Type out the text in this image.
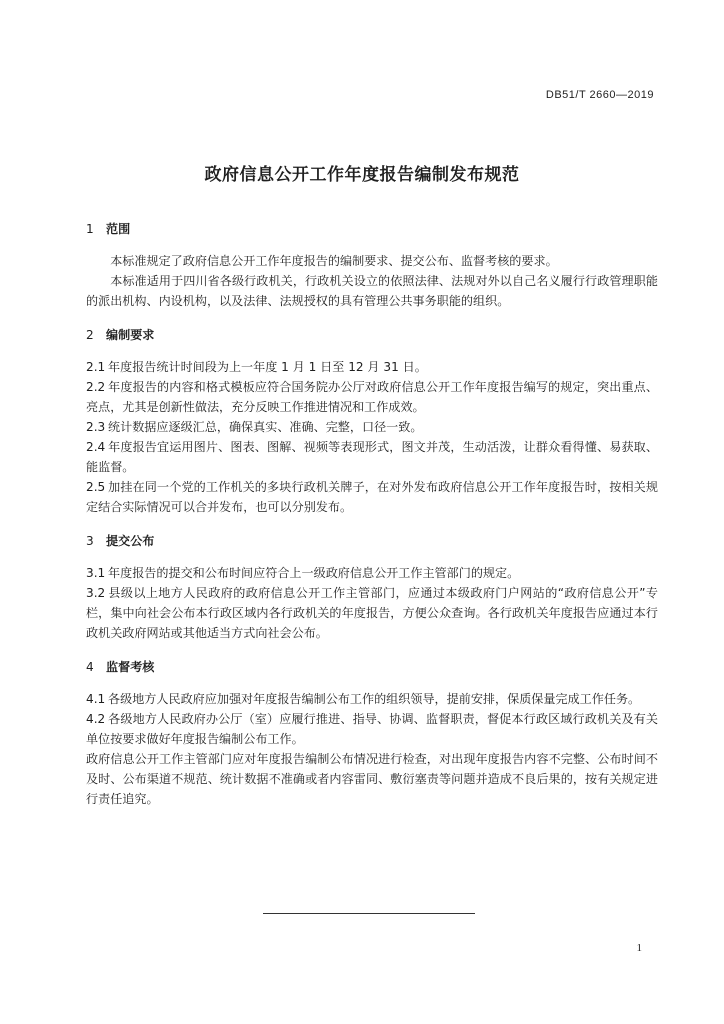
DB51/T 2660—2019
政府信息公开工作年度报告编制发布规范

1 范围

本标准规定了政府信息公开工作年度报告的编制要求、提交公布、监督考核的要求。

本标准适用于四川省各级行政机关，行政机关设立的依照法律、法规对外以自己名义履行行政管理职能的派出机构、内设机构，以及法律、法规授权的具有管理公共事务职能的组织。

2 编制要求

2.1 年度报告统计时间段为上一年度 1 月 1 日至 12 月 31 日。

2.2 年度报告的内容和格式模板应符合国务院办公厅对政府信息公开工作年度报告编写的规定，突出重点、亮点，尤其是创新性做法，充分反映工作推进情况和工作成效。

2.3 统计数据应逐级汇总，确保真实、准确、完整，口径一致。

2.4 年度报告宜运用图片、图表、图解、视频等表现形式，图文并茂，生动活泼，让群众看得懂、易获取、能监督。

2.5 加挂在同一个党的工作机关的多块行政机关牌子，在对外发布政府信息公开工作年度报告时，按相关规定结合实际情况可以合并发布，也可以分别发布。

3 提交公布

3.1 年度报告的提交和公布时间应符合上一级政府信息公开工作主管部门的规定。

3.2 县级以上地方人民政府的政府信息公开工作主管部门，应通过本级政府门户网站的“政府信息公开”专栏，集中向社会公布本行政区域内各行政机关的年度报告，方便公众查询。各行政机关年度报告应通过本行政机关政府网站或其他适当方式向社会公布。

4 监督考核

4.1 各级地方人民政府应加强对年度报告编制公布工作的组织领导，提前安排，保质保量完成工作任务。

4.2 各级地方人民政府办公厅（室）应履行推进、指导、协调、监督职责，督促本行政区域行政机关及有关单位按要求做好年度报告编制公布工作。

政府信息公开工作主管部门应对年度报告编制公布情况进行检查，对出现年度报告内容不完整、公布时间不及时、公布渠道不规范、统计数据不准确或者内容雷同、敷衍塞责等问题并造成不良后果的，按有关规定进行责任追究。

1
